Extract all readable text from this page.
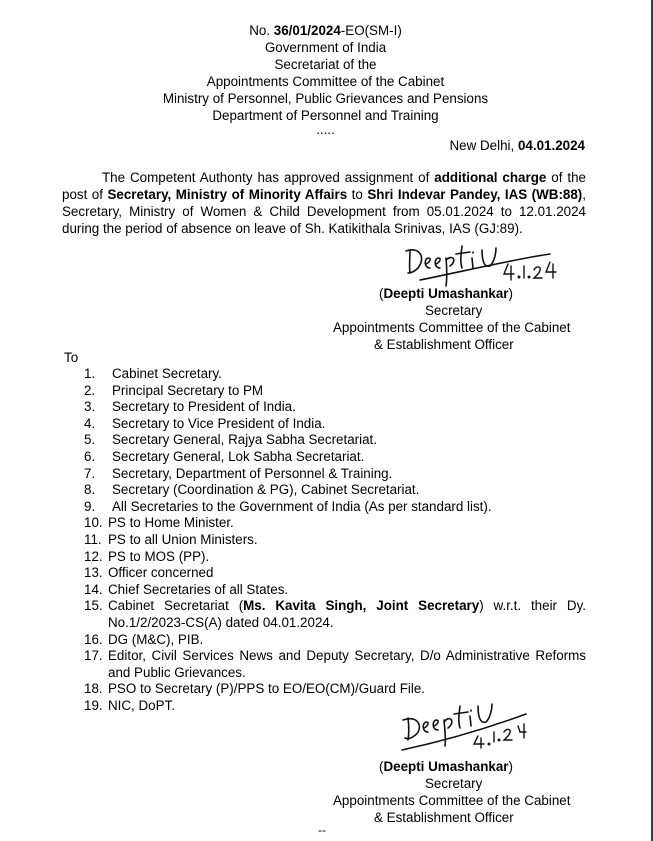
No. 36/01/2024-EO(SM-I)
Government of India
Secretariat of the
Appointments Committee of the Cabinet
Ministry of Personnel, Public Grievances and Pensions
Department of Personnel and Training
.....
New Delhi, 04.01.2024
The Competent Authonty has approved assignment of additional charge of the post of Secretary, Ministry of Minority Affairs to Shri Indevar Pandey, IAS (WB:88), Secretary, Ministry of Women & Child Development from 05.01.2024 to 12.01.2024 during the period of absence on leave of Sh. Katikithala Srinivas, IAS (GJ:89).
(Deepti Umashankar)
Secretary
Appointments Committee of the Cabinet
& Establishment Officer
To
1.	Cabinet Secretary.
2.	Principal Secretary to PM
3.	Secretary to President of India.
4.	Secretary to Vice President of India.
5.	Secretary General, Rajya Sabha Secretariat.
6.	Secretary General, Lok Sabha Secretariat.
7.	Secretary, Department of Personnel & Training.
8.	Secretary (Coordination & PG), Cabinet Secretariat.
9.	All Secretaries to the Government of India (As per standard list).
10. PS to Home Minister.
11. PS to all Union Ministers.
12. PS to MOS (PP).
13. Officer concerned
14. Chief Secretaries of all States.
15. Cabinet Secretariat (Ms. Kavita Singh, Joint Secretary) w.r.t. their Dy. No.1/2/2023-CS(A) dated 04.01.2024.
16. DG (M&C), PIB.
17. Editor, Civil Services News and Deputy Secretary, D/o Administrative Reforms and Public Grievances.
18. PSO to Secretary (P)/PPS to EO/EO(CM)/Guard File.
19. NIC, DoPT.
(Deepti Umashankar)
Secretary
Appointments Committee of the Cabinet
& Establishment Officer
--
